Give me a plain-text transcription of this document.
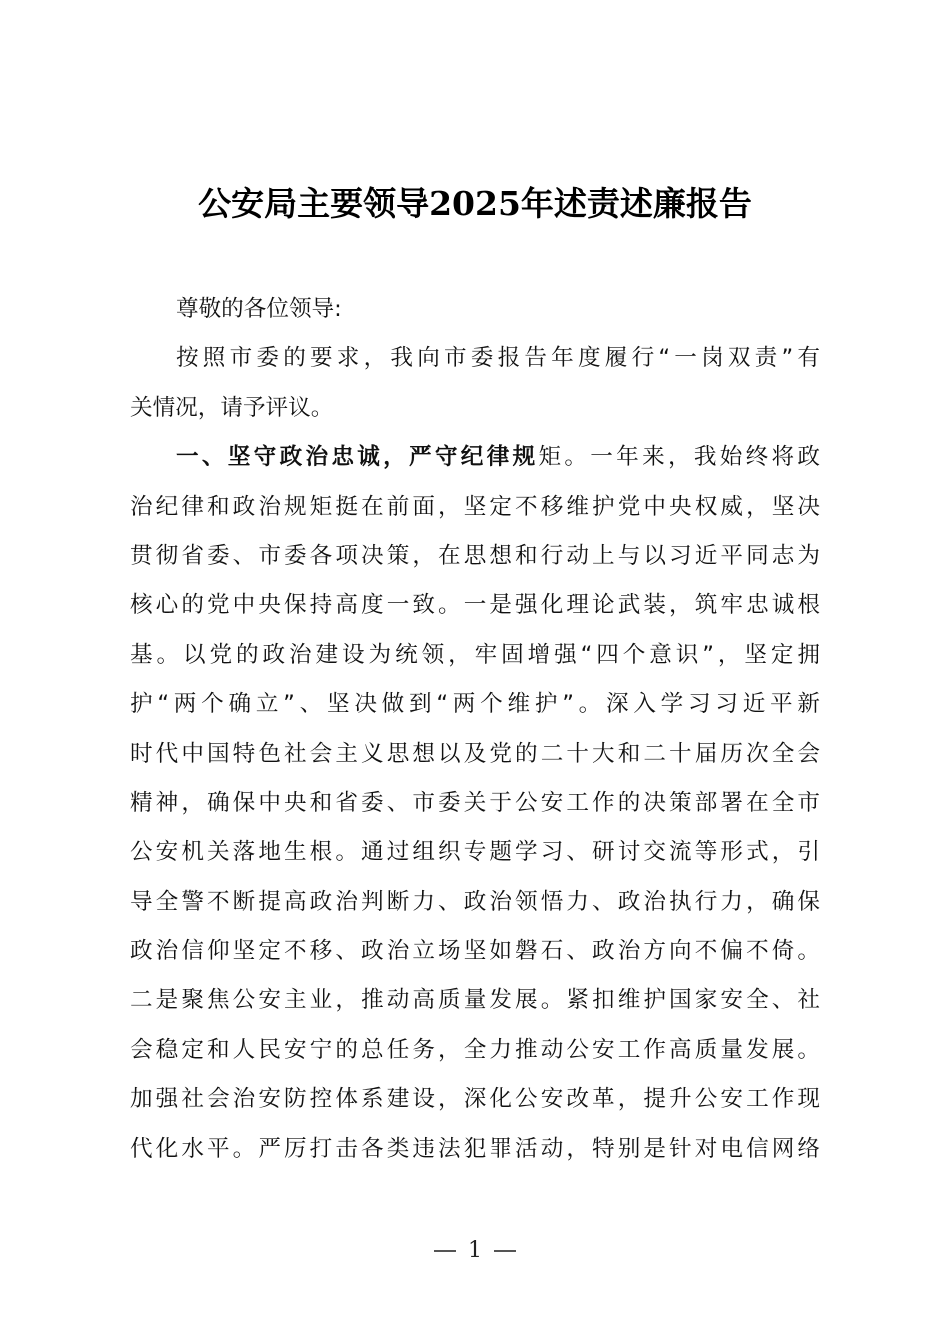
公安局主要领导2025年述责述廉报告
尊敬的各位领导:
按照市委的要求，我向市委报告年度履行“一岗双责”有
关情况，请予评议。
一、坚守政治忠诚，严守纪律规矩。一年来，我始终将政
治纪律和政治规矩挺在前面，坚定不移维护党中央权威，坚决
贯彻省委、市委各项决策，在思想和行动上与以习近平同志为
核心的党中央保持高度一致。一是强化理论武装，筑牢忠诚根
基。以党的政治建设为统领，牢固增强“四个意识”，坚定拥
护“两个确立”、坚决做到“两个维护”。深入学习习近平新
时代中国特色社会主义思想以及党的二十大和二十届历次全会
精神，确保中央和省委、市委关于公安工作的决策部署在全市
公安机关落地生根。通过组织专题学习、研讨交流等形式，引
导全警不断提高政治判断力、政治领悟力、政治执行力，确保
政治信仰坚定不移、政治立场坚如磐石、政治方向不偏不倚。
二是聚焦公安主业，推动高质量发展。紧扣维护国家安全、社
会稳定和人民安宁的总任务，全力推动公安工作高质量发展。
加强社会治安防控体系建设，深化公安改革，提升公安工作现
代化水平。严厉打击各类违法犯罪活动，特别是针对电信网络
1
